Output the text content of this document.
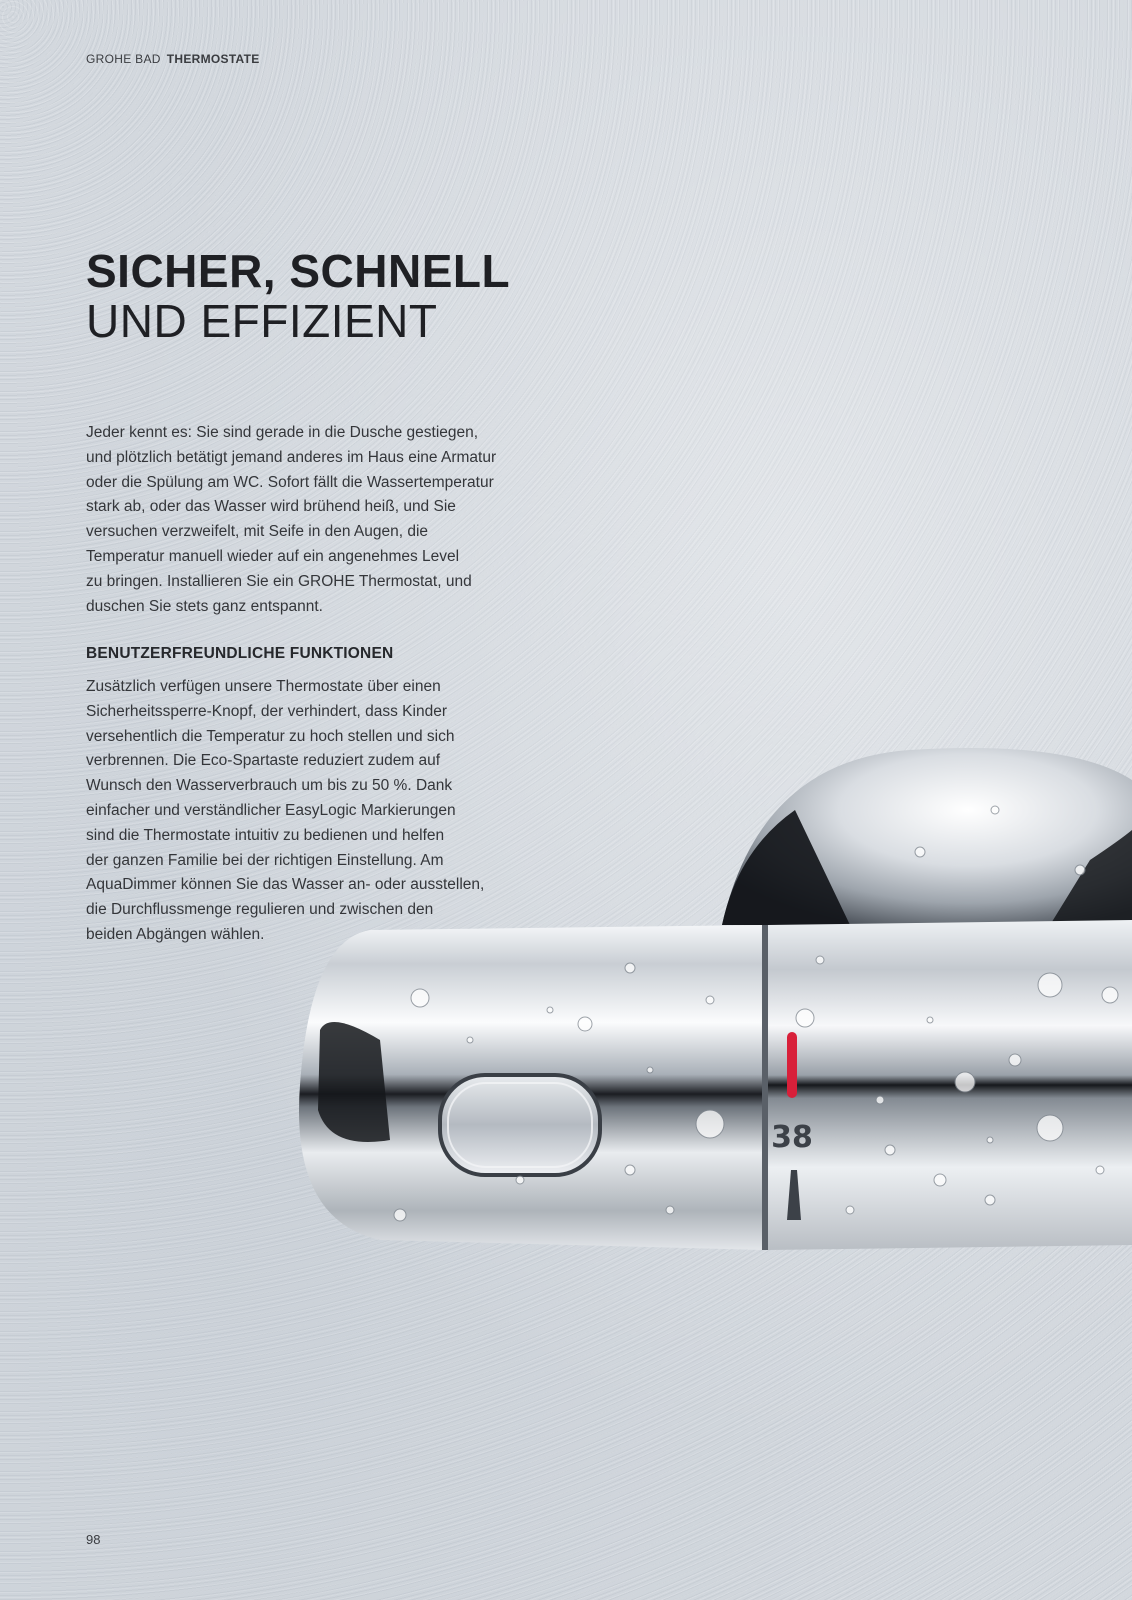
GROHE BAD THERMOSTATE
SICHER, SCHNELL
UND EFFIZIENT
Jeder kennt es: Sie sind gerade in die Dusche gestiegen,
und plötzlich betätigt jemand anderes im Haus eine Armatur
oder die Spülung am WC. Sofort fällt die Wassertemperatur
stark ab, oder das Wasser wird brühend heiß, und Sie
versuchen verzweifelt, mit Seife in den Augen, die
Temperatur manuell wieder auf ein angenehmes Level
zu bringen. Installieren Sie ein GROHE Thermostat, und
duschen Sie stets ganz entspannt.
BENUTZERFREUNDLICHE FUNKTIONEN
Zusätzlich verfügen unsere Thermostate über einen
Sicherheitssperre-Knopf, der verhindert, dass Kinder
versehentlich die Temperatur zu hoch stellen und sich
verbrennen. Die Eco-Spartaste reduziert zudem auf
Wunsch den Wasserverbrauch um bis zu 50 %. Dank
einfacher und verständlicher EasyLogic Markierungen
sind die Thermostate intuitiv zu bedienen und helfen
der ganzen Familie bei der richtigen Einstellung. Am
AquaDimmer können Sie das Wasser an- oder ausstellen,
die Durchflussmenge regulieren und zwischen den
beiden Abgängen wählen.
38
98
